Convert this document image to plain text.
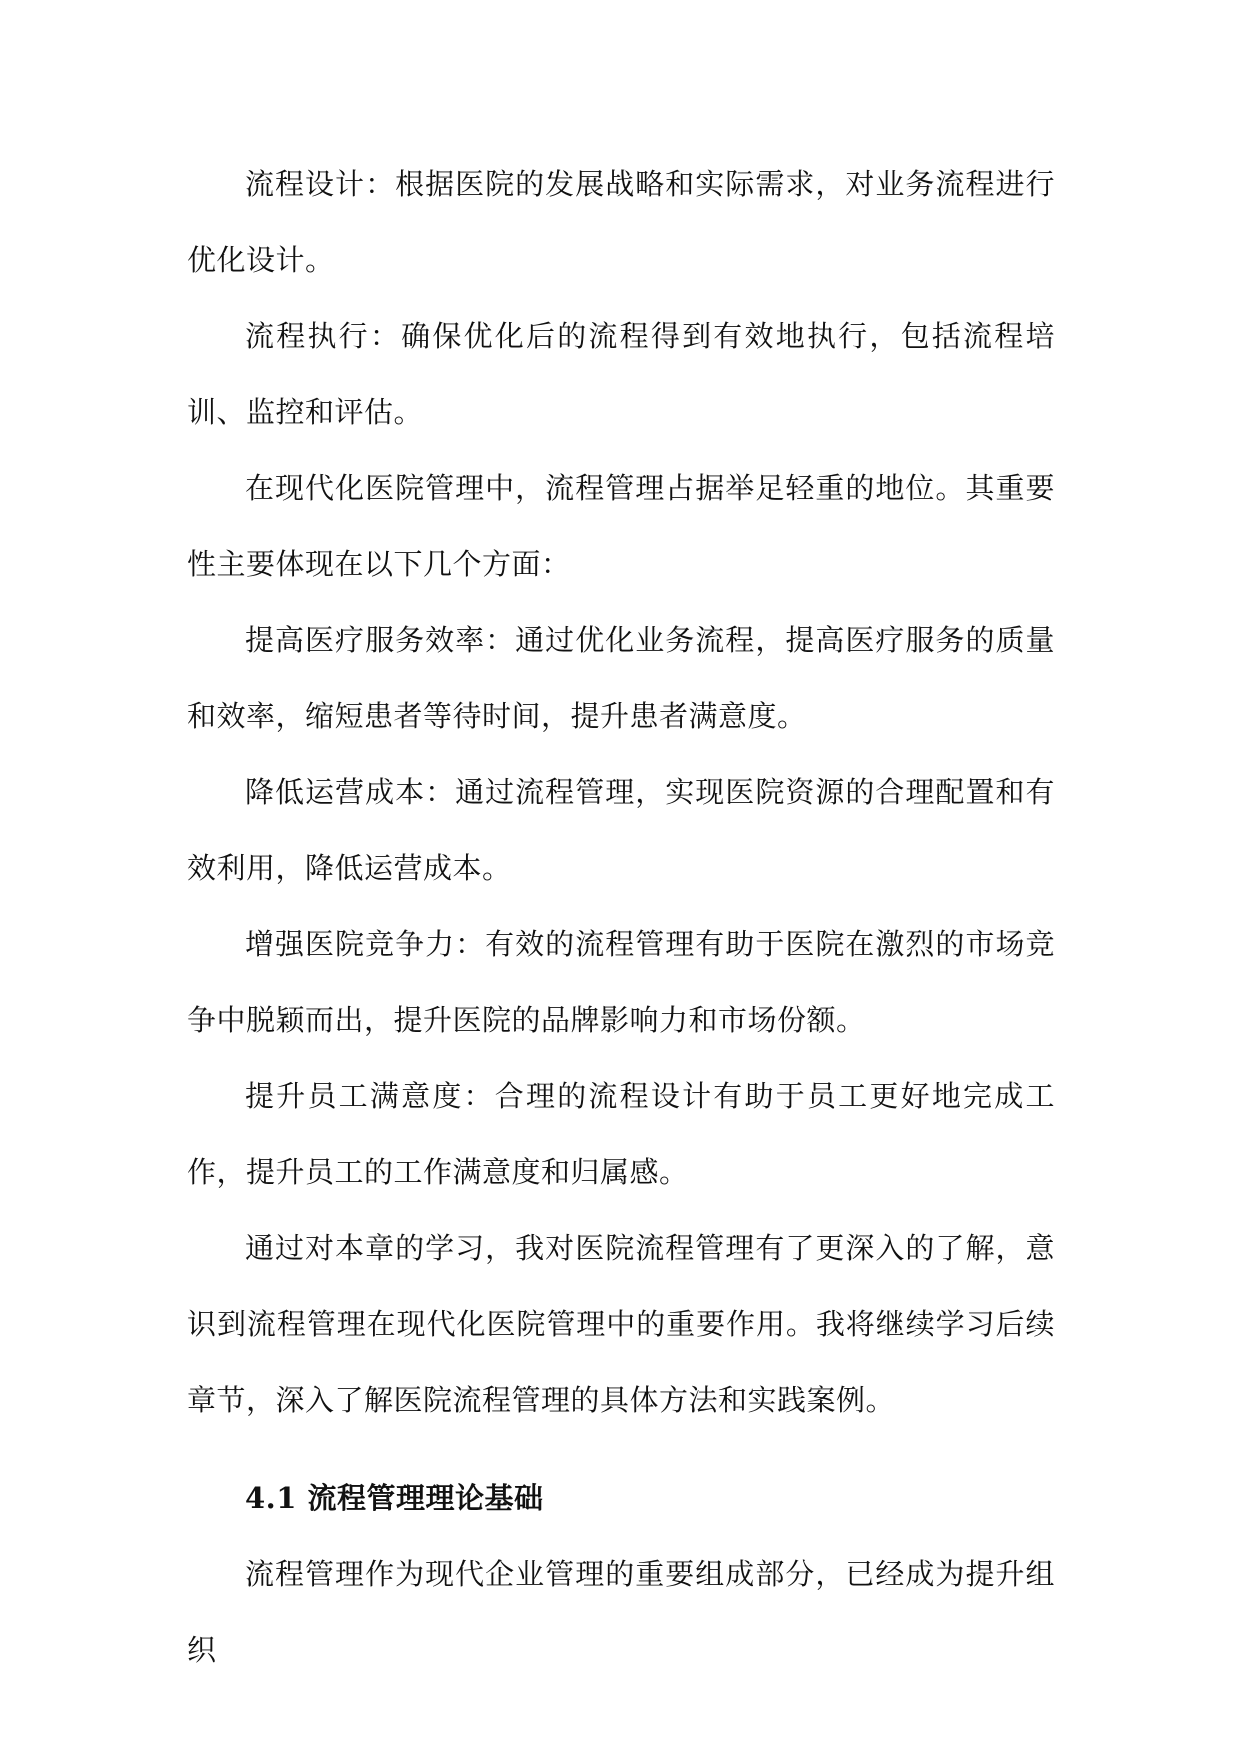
流程设计：根据医院的发展战略和实际需求，对业务流程进行优化设计。

流程执行：确保优化后的流程得到有效地执行，包括流程培训、监控和评估。

在现代化医院管理中，流程管理占据举足轻重的地位。其重要性主要体现在以下几个方面：

提高医疗服务效率：通过优化业务流程，提高医疗服务的质量和效率，缩短患者等待时间，提升患者满意度。

降低运营成本：通过流程管理，实现医院资源的合理配置和有效利用，降低运营成本。

增强医院竞争力：有效的流程管理有助于医院在激烈的市场竞争中脱颖而出，提升医院的品牌影响力和市场份额。

提升员工满意度：合理的流程设计有助于员工更好地完成工作，提升员工的工作满意度和归属感。

通过对本章的学习，我对医院流程管理有了更深入的了解，意识到流程管理在现代化医院管理中的重要作用。我将继续学习后续章节，深入了解医院流程管理的具体方法和实践案例。

4.1 流程管理理论基础

流程管理作为现代企业管理的重要组成部分，已经成为提升组织
